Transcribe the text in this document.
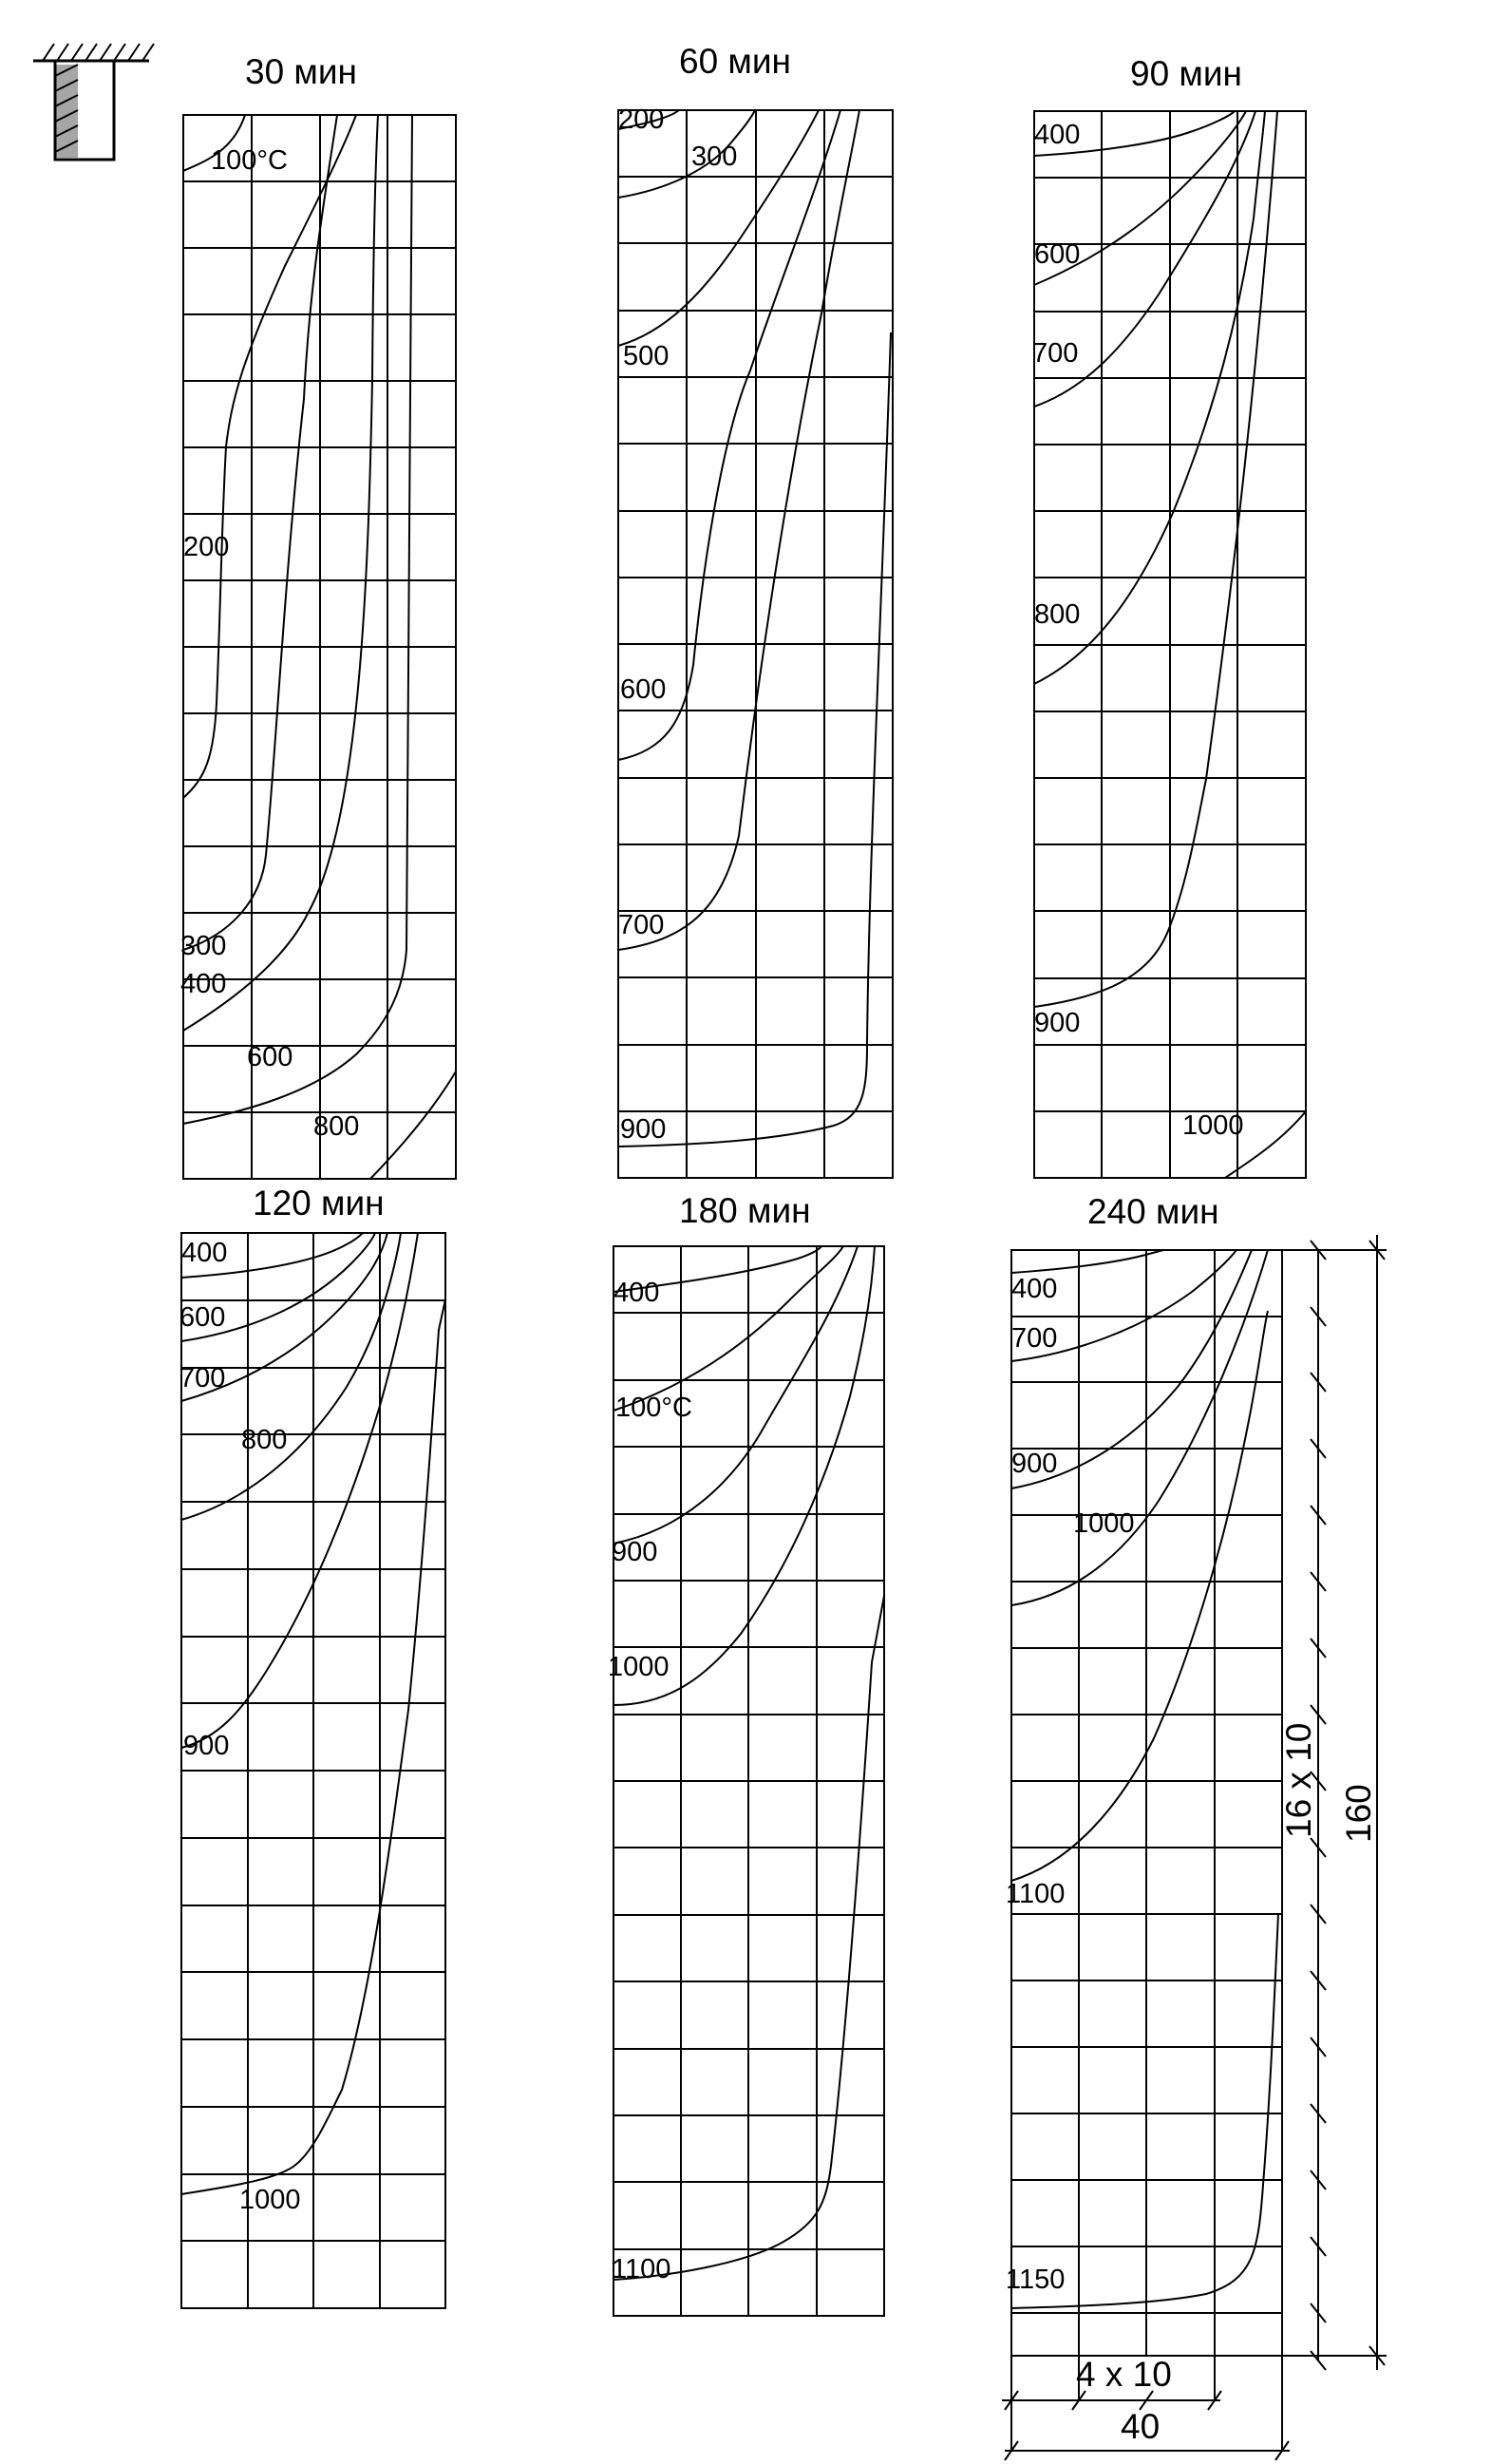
30 мин
100°C
200
300
400
600
800
60 мин
200
300
500
600
700
900
90 мин
400
600
700
800
900
1000
120 мин
400
600
700
800
900
1000
180 мин
400
100°C
900
1000
1100
240 мин
400
700
900
1000
1100
1150
16 x 10 160
4 x 10
40
